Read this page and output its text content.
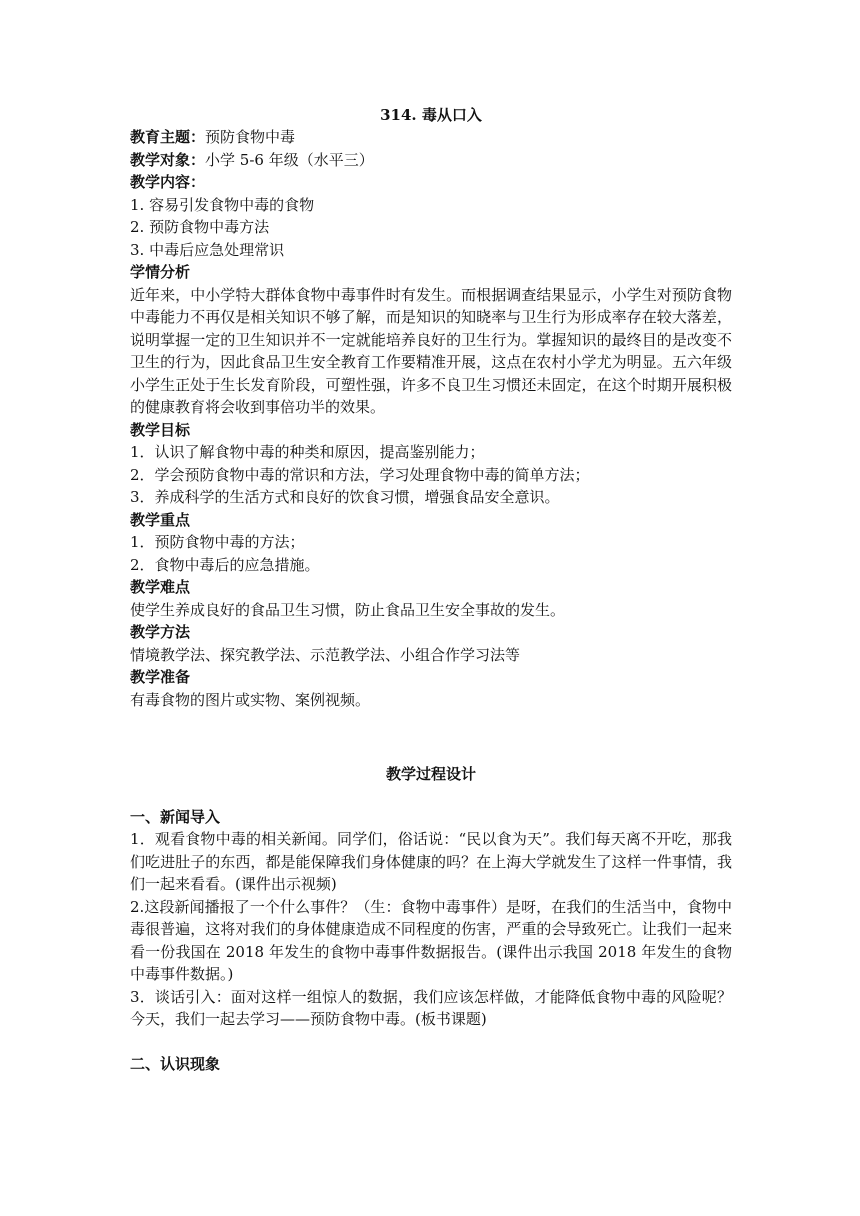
314. 毒从口入

教育主题：预防食物中毒

教学对象：小学 5-6 年级（水平三）

教学内容：

1. 容易引发食物中毒的食物

2. 预防食物中毒方法

3. 中毒后应急处理常识

学情分析

近年来，中小学特大群体食物中毒事件时有发生。而根据调查结果显示，小学生对预防食物中毒能力不再仅是相关知识不够了解，而是知识的知晓率与卫生行为形成率存在较大落差，说明掌握一定的卫生知识并不一定就能培养良好的卫生行为。掌握知识的最终目的是改变不卫生的行为，因此食品卫生安全教育工作要精准开展，这点在农村小学尤为明显。五六年级小学生正处于生长发育阶段，可塑性强，许多不良卫生习惯还未固定，在这个时期开展积极的健康教育将会收到事倍功半的效果。

教学目标

1．认识了解食物中毒的种类和原因，提高鉴别能力；

2．学会预防食物中毒的常识和方法，学习处理食物中毒的简单方法；

3．养成科学的生活方式和良好的饮食习惯，增强食品安全意识。

教学重点

1．预防食物中毒的方法；

2．食物中毒后的应急措施。

教学难点

使学生养成良好的食品卫生习惯，防止食品卫生安全事故的发生。

教学方法

情境教学法、探究教学法、示范教学法、小组合作学习法等

教学准备

有毒食物的图片或实物、案例视频。

教学过程设计

一、新闻导入

1．观看食物中毒的相关新闻。同学们，俗话说：“民以食为天”。我们每天离不开吃，那我们吃进肚子的东西，都是能保障我们身体健康的吗？在上海大学就发生了这样一件事情，我们一起来看看。(课件出示视频)

2.这段新闻播报了一个什么事件？（生：食物中毒事件）是呀，在我们的生活当中，食物中毒很普遍，这将对我们的身体健康造成不同程度的伤害，严重的会导致死亡。让我们一起来看一份我国在 2018 年发生的食物中毒事件数据报告。(课件出示我国 2018 年发生的食物中毒事件数据。)

3．谈话引入：面对这样一组惊人的数据，我们应该怎样做，才能降低食物中毒的风险呢？今天，我们一起去学习——预防食物中毒。(板书课题)

二、认识现象
